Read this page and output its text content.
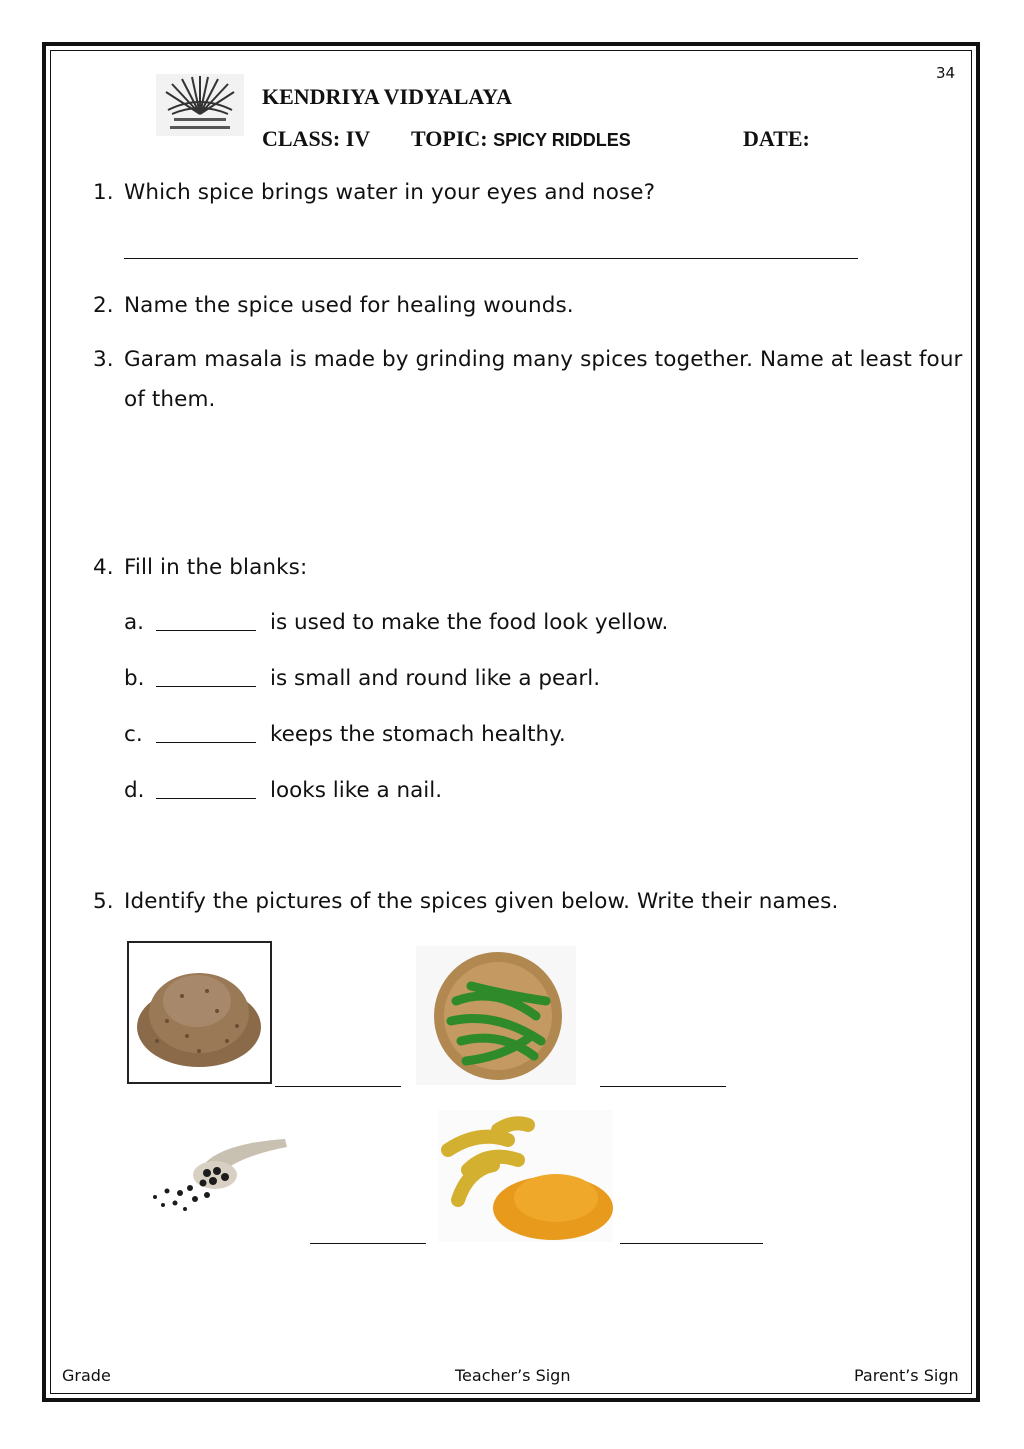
34
KENDRIYA VIDYALAYA
CLASS: IV TOPIC: SPICY RIDDLES	DATE:
1. Which spice brings water in your eyes and nose?
2. Name the spice used for healing wounds.
3. Garam masala is made by grinding many spices together. Name at least four
of them.
4. Fill in the blanks:
a.	is used to make the food look yellow.
b.	is small and round like a pearl.
c.	keeps the stomach healthy.
d.	looks like a nail.
5. Identify the pictures of the spices given below. Write their names.
Grade	Teacher’s Sign	Parent’s Sign
